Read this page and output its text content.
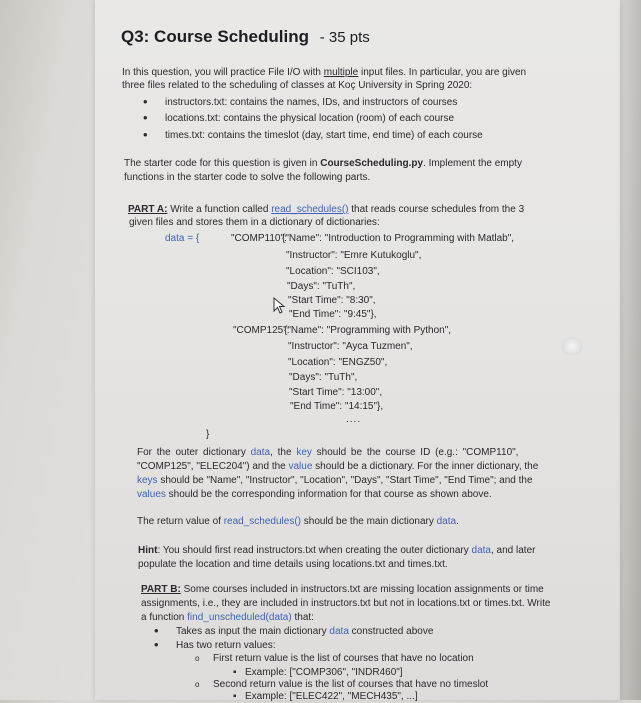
Q3: Course Scheduling - 35 pts
In this question, you will practice File I/O with multiple input files. In particular, you are given
three files related to the scheduling of classes at Koç University in Spring 2020:
• instructors.txt: contains the names, IDs, and instructors of courses
• locations.txt: contains the physical location (room) of each course
• times.txt: contains the timeslot (day, start time, end time) of each course
The starter code for this question is given in CourseScheduling.py. Implement the empty
functions in the starter code to solve the following parts.
PART A: Write a function called read_schedules() that reads course schedules from the 3
given files and stores them in a dictionary of dictionaries:
data = {	"COMP110":
{"Name": "Introduction to Programming with Matlab",
"Instructor": "Emre Kutukoglu",
"Location": "SCI103",
"Days": "TuTh",
"Start Time": "8:30",
"End Time": "9:45"},
"COMP125":
{"Name": "Programming with Python",
"Instructor": "Ayca Tuzmen",
"Location": "ENGZ50",
"Days": "TuTh",
"Start Time": "13:00",
"End Time": "14:15"},
....
}
For the outer dictionary data, the key should be the course ID (e.g.: "COMP110",
"COMP125", "ELEC204") and the value should be a dictionary. For the inner dictionary, the
keys should be "Name", "Instructor", "Location", "Days", "Start Time", "End Time"; and the
values should be the corresponding information for that course as shown above.
The return value of read_schedules() should be the main dictionary data.
Hint: You should first read instructors.txt when creating the outer dictionary data, and later
populate the location and time details using locations.txt and times.txt.
PART B: Some courses included in instructors.txt are missing location assignments or time
assignments, i.e., they are included in instructors.txt but not in locations.txt or times.txt. Write
a function find_unscheduled(data) that:
• Takes as input the main dictionary data constructed above
• Has two return values:
o First return value is the list of courses that have no location
▪ Example: ["COMP306", "INDR460"]
o Second return value is the list of courses that have no timeslot
▪ Example: ["ELEC422", "MECH435", ...]
